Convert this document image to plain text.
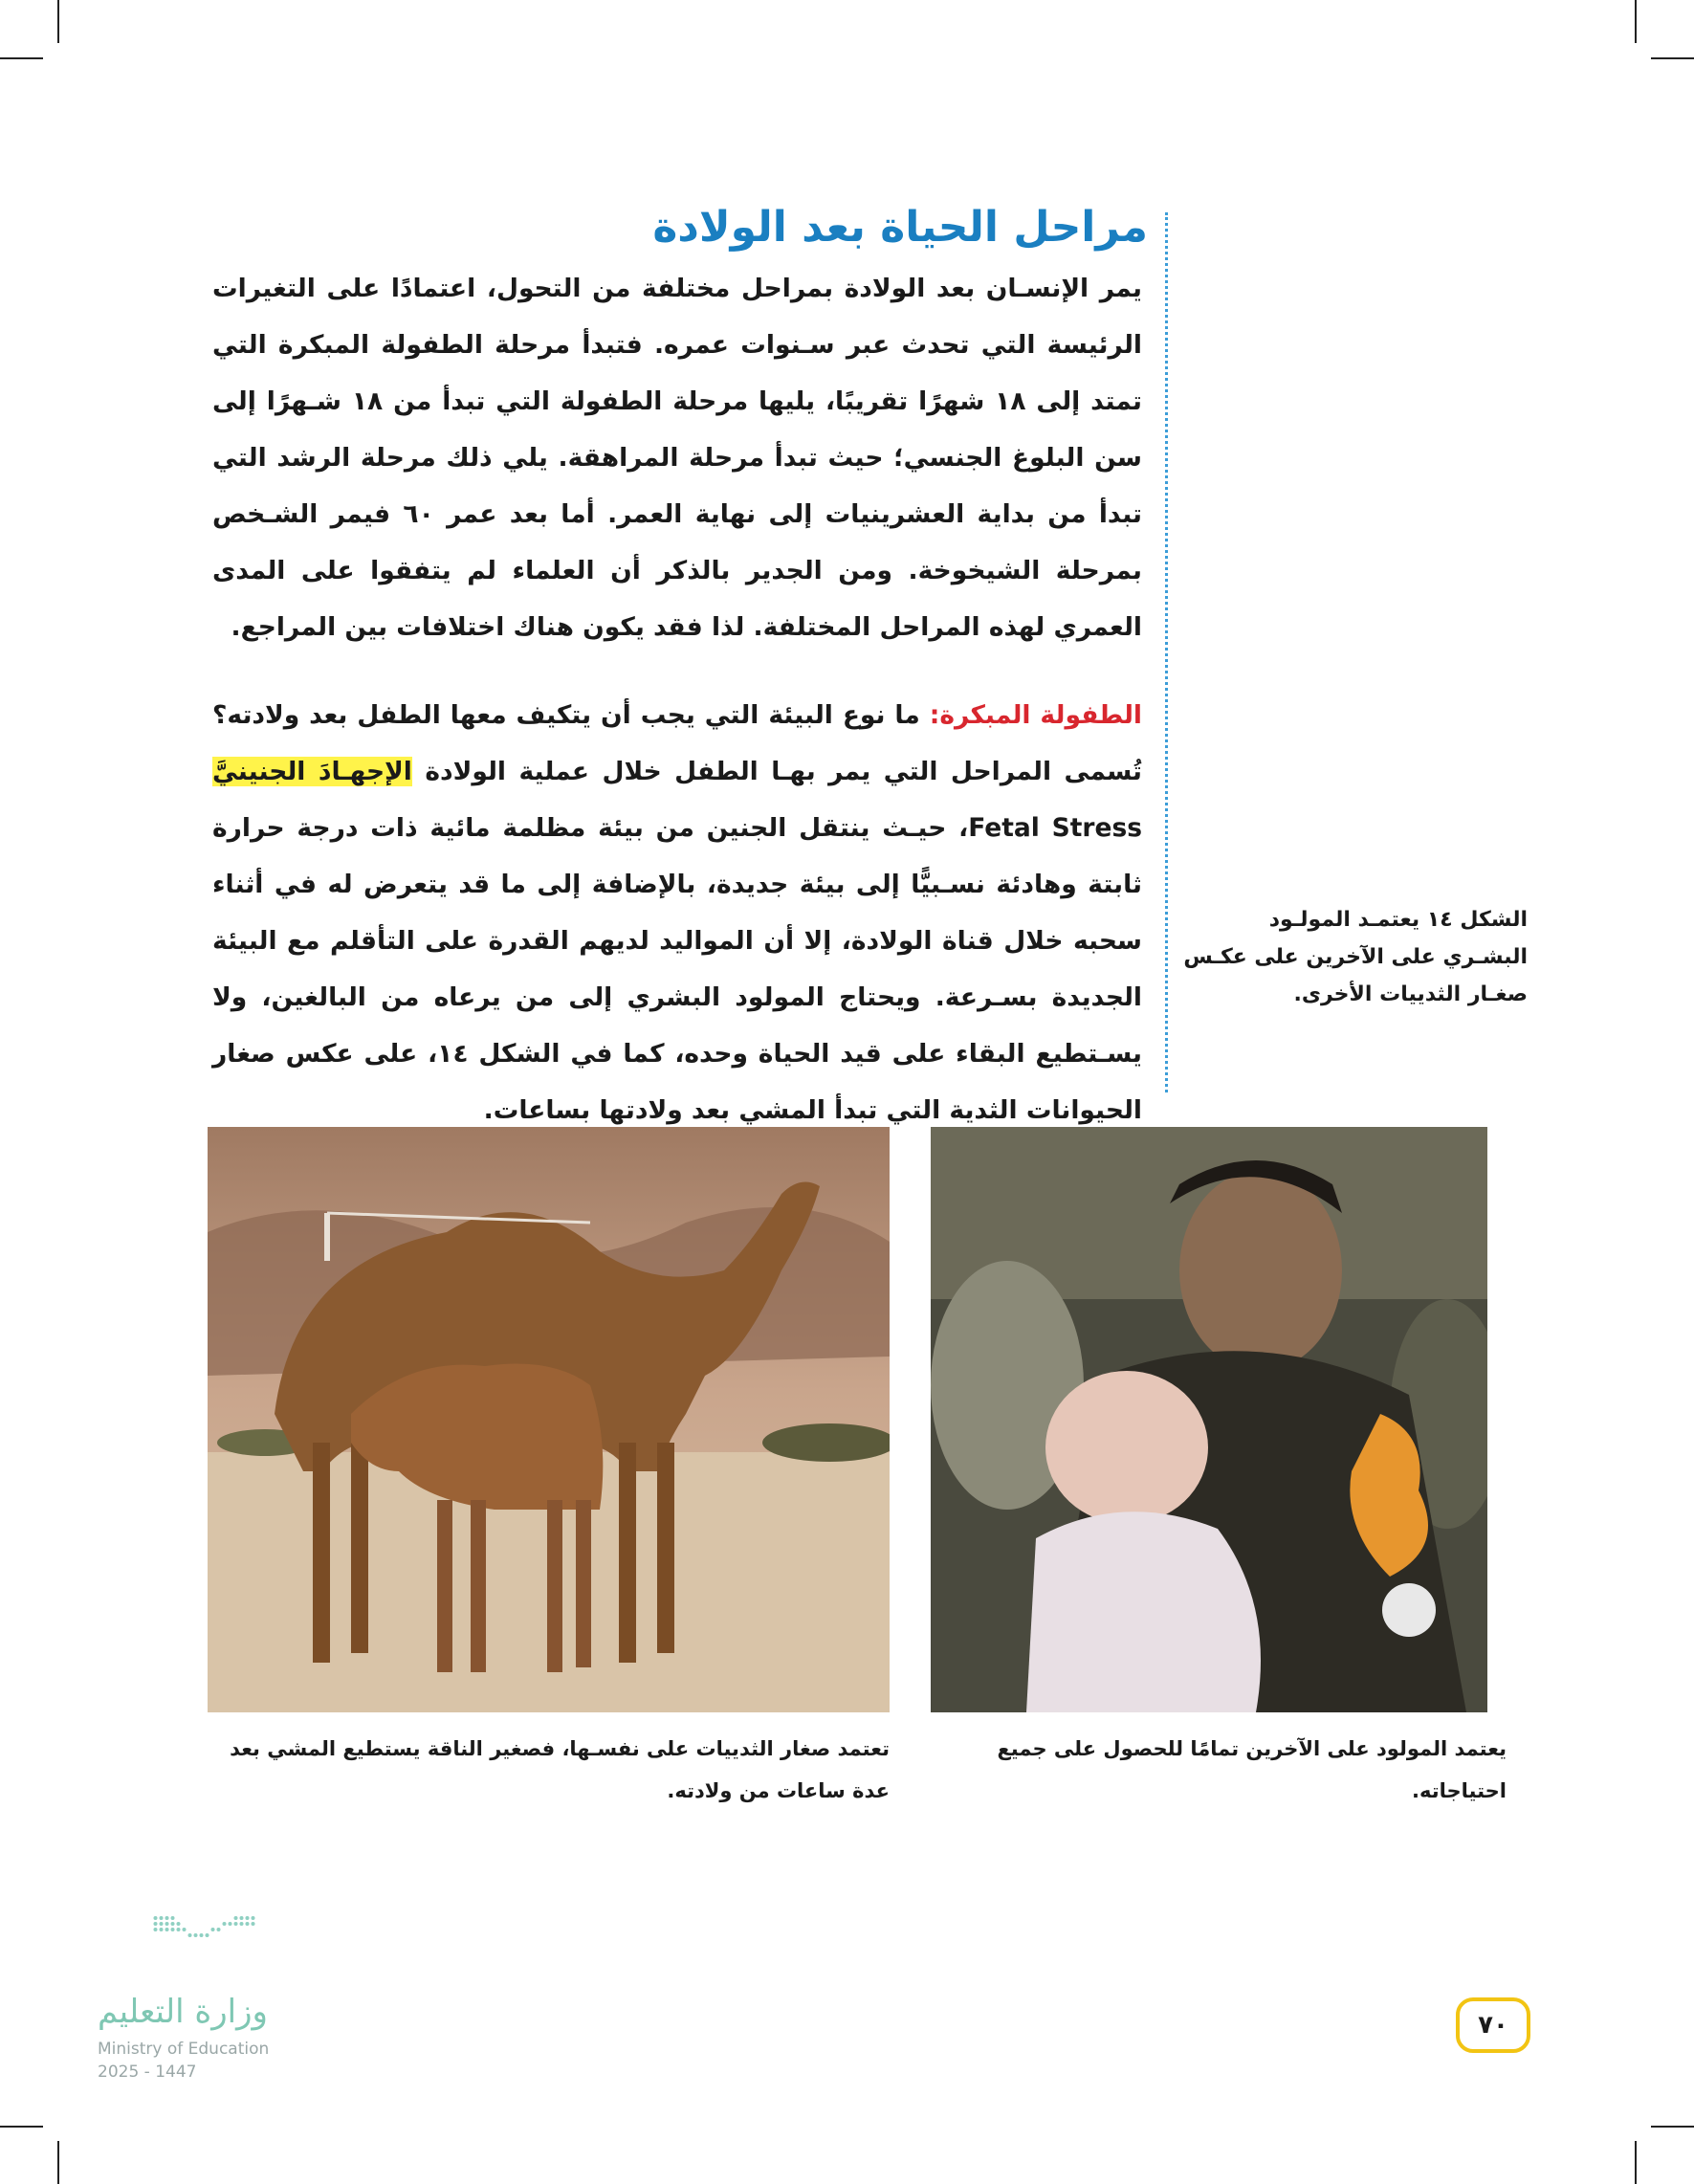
مراحل الحياة بعد الولادة

يمر الإنسـان بعد الولادة بمراحل مختلفة من التحول، اعتمادًا على التغيرات الرئيسة التي تحدث عبر سـنوات عمره. فتبدأ مرحلة الطفولة المبكرة التي تمتد إلى ١٨ شهرًا تقريبًا، يليها مرحلة الطفولة التي تبدأ من ١٨ شـهرًا إلى سن البلوغ الجنسي؛ حيث تبدأ مرحلة المراهقة. يلي ذلك مرحلة الرشد التي تبدأ من بداية العشرينيات إلى نهاية العمر. أما بعد عمر ٦٠ فيمر الشـخص بمرحلة الشيخوخة. ومن الجدير بالذكر أن العلماء لم يتفقوا على المدى العمري لهذه المراحل المختلفة. لذا فقد يكون هناك اختلافات بين المراجع.

الطفولة المبكرة: ما نوع البيئة التي يجب أن يتكيف معها الطفل بعد ولادته؟ تُسمى المراحل التي يمر بهـا الطفل خلال عملية الولادة الإجهـادَ الجنينيَّ Fetal Stress، حيـث ينتقل الجنين من بيئة مظلمة مائية ذات درجة حرارة ثابتة وهادئة نسـبيًّا إلى بيئة جديدة، بالإضافة إلى ما قد يتعرض له في أثناء سحبه خلال قناة الولادة، إلا أن المواليد لديهم القدرة على التأقلم مع البيئة الجديدة بسـرعة. ويحتاج المولود البشري إلى من يرعاه من البالغين، ولا يسـتطيع البقاء على قيد الحياة وحده، كما في الشكل ١٤، على عكس صغار الحيوانات الثدية التي تبدأ المشي بعد ولادتها بساعات.

الشكل ١٤ يعتمـد المولـود البشـري على الآخرين على عكـس صغـار الثدييات الأخرى.

تعتمد صغار الثدييات على نفسـها، فصغير الناقة يستطيع المشي بعد عدة ساعات من ولادته.

يعتمد المولود على الآخرين تمامًا للحصول على جميع احتياجاته.

وزارة التعليم
Ministry of Education
2025 - 1447
٧٠
